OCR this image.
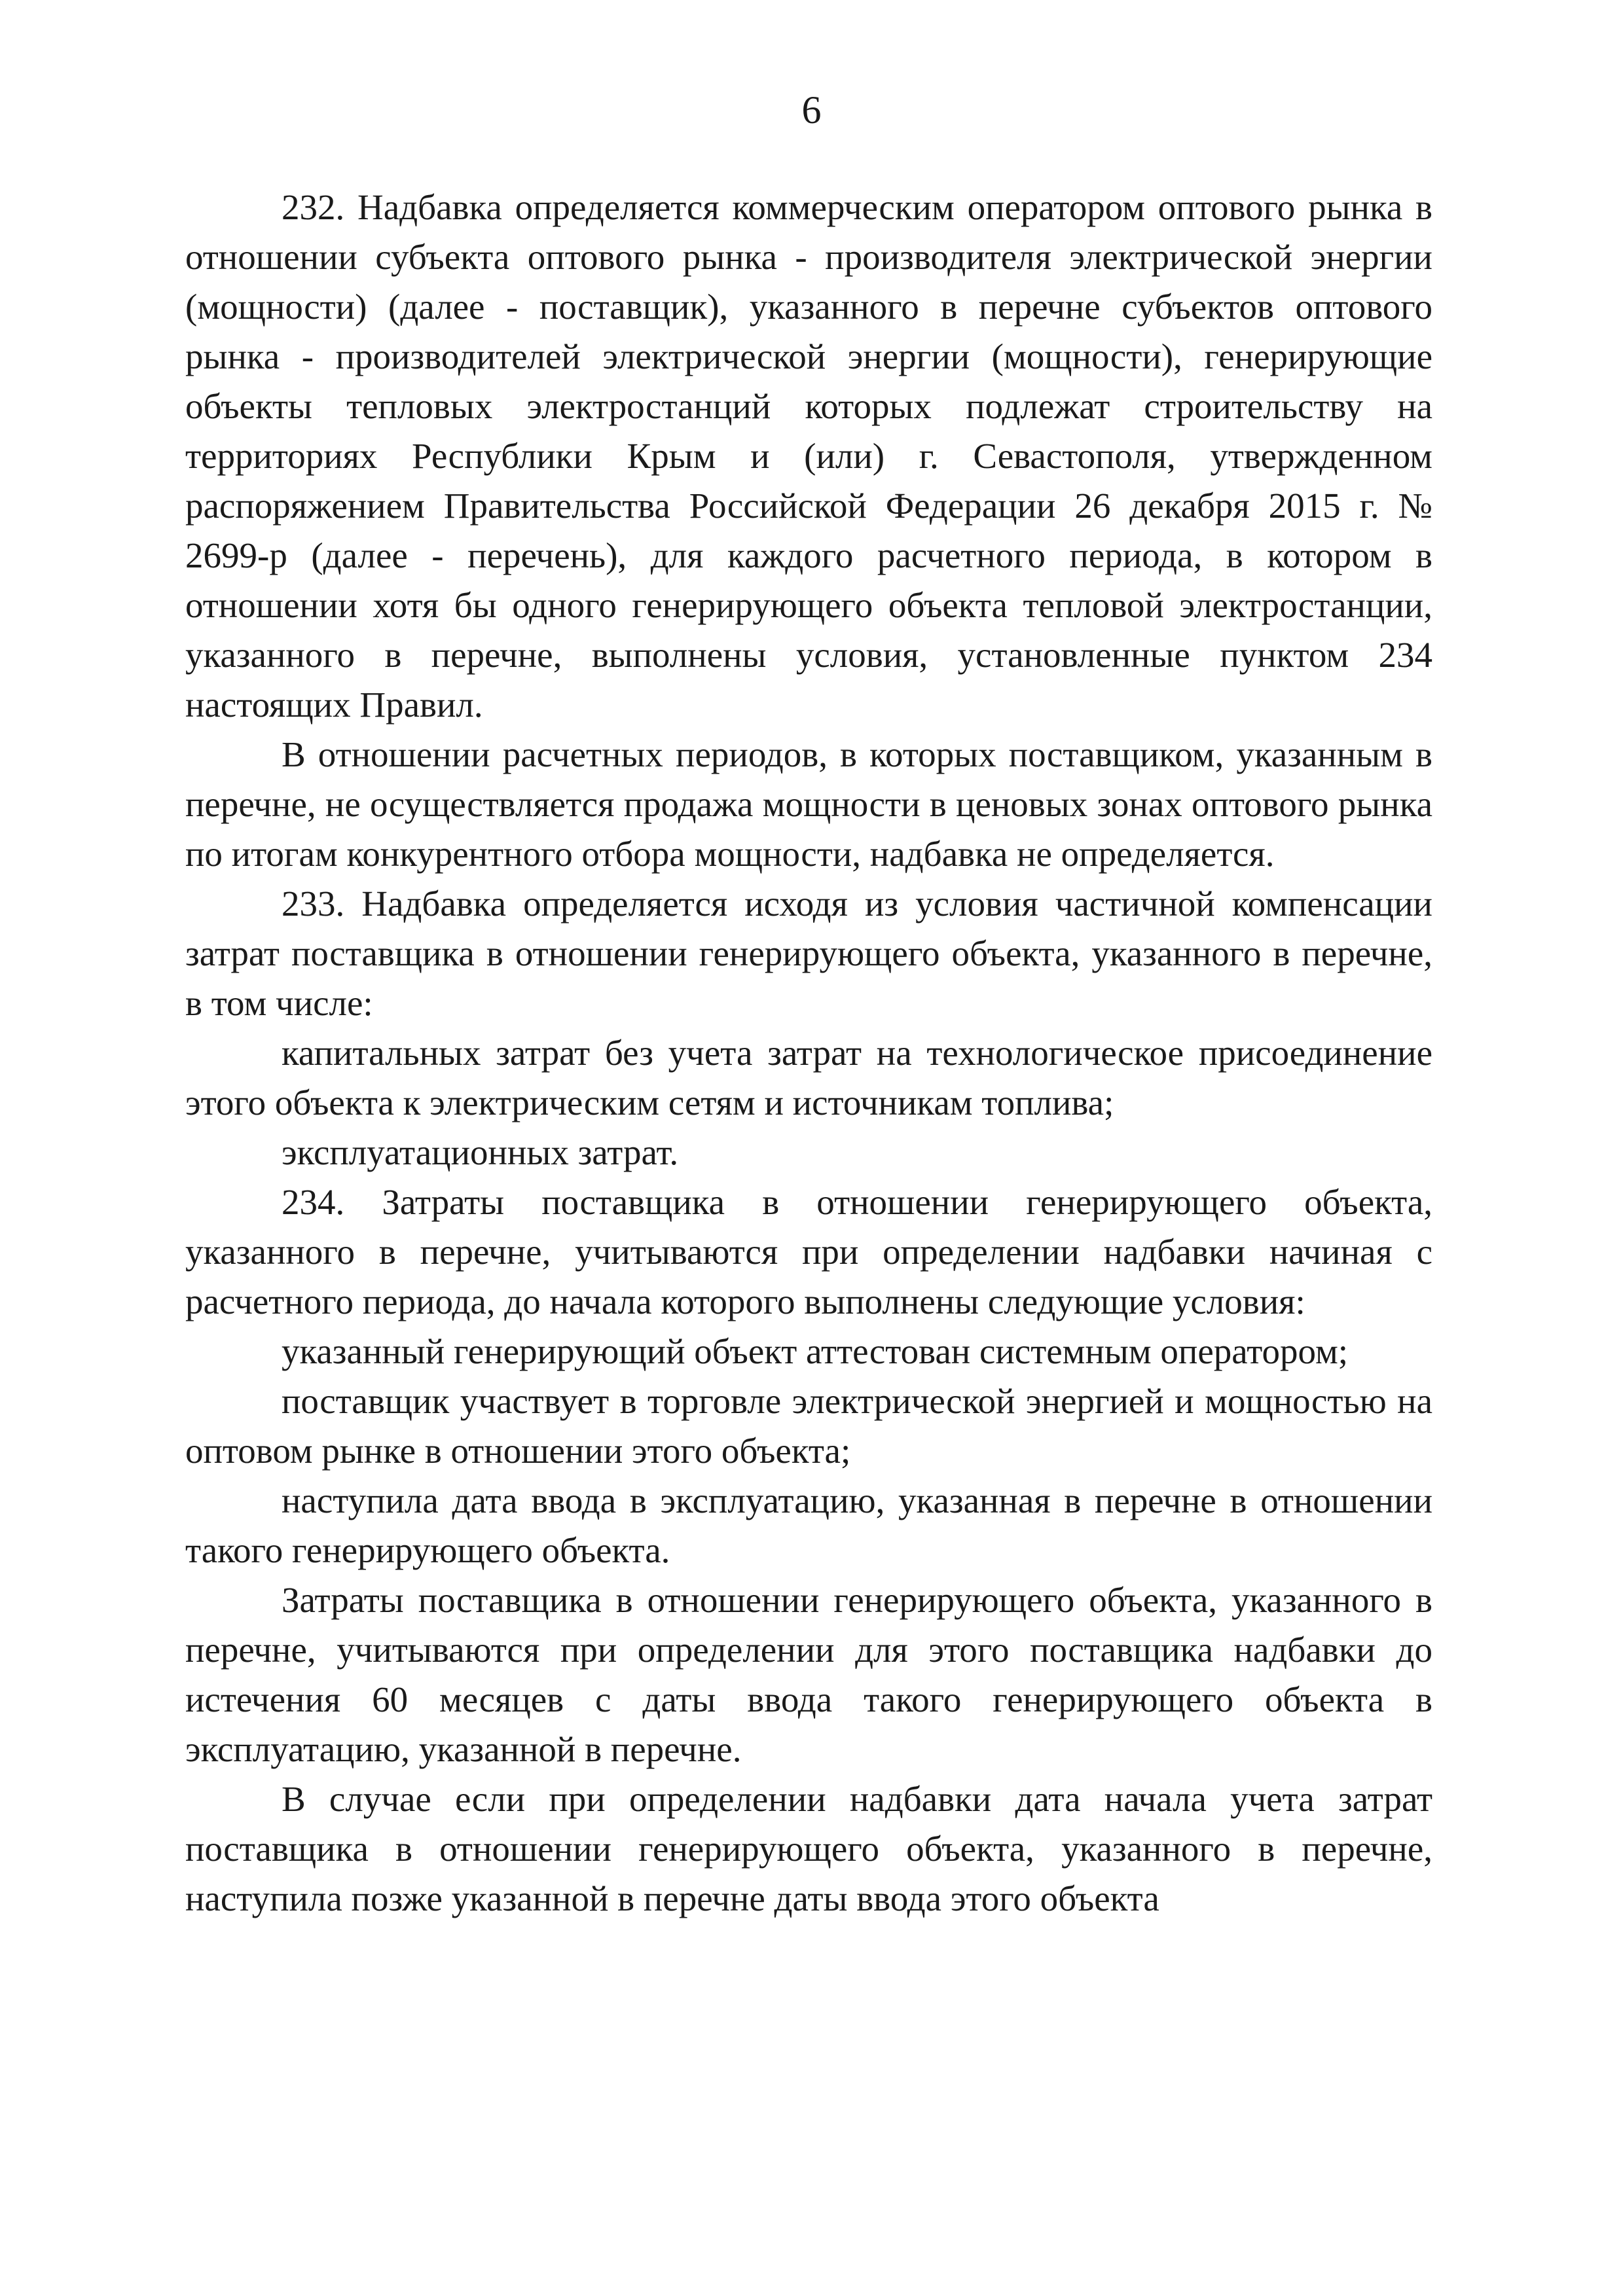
6

232. Надбавка определяется коммерческим оператором оптового рынка в отношении субъекта оптового рынка - производителя электрической энергии (мощности) (далее - поставщик), указанного в перечне субъектов оптового рынка - производителей электрической энергии (мощности), генерирующие объекты тепловых электростанций которых подлежат строительству на территориях Республики Крым и (или) г. Севастополя, утвержденном распоряжением Правительства Российской Федерации 26 декабря 2015 г. № 2699-р (далее - перечень), для каждого расчетного периода, в котором в отношении хотя бы одного генерирующего объекта тепловой электростанции, указанного в перечне, выполнены условия, установленные пунктом 234 настоящих Правил.

В отношении расчетных периодов, в которых поставщиком, указанным в перечне, не осуществляется продажа мощности в ценовых зонах оптового рынка по итогам конкурентного отбора мощности, надбавка не определяется.

233. Надбавка определяется исходя из условия частичной компенсации затрат поставщика в отношении генерирующего объекта, указанного в перечне, в том числе:

капитальных затрат без учета затрат на технологическое присоединение этого объекта к электрическим сетям и источникам топлива;

эксплуатационных затрат.

234. Затраты поставщика в отношении генерирующего объекта, указанного в перечне, учитываются при определении надбавки начиная с расчетного периода, до начала которого выполнены следующие условия:

указанный генерирующий объект аттестован системным оператором;

поставщик участвует в торговле электрической энергией и мощностью на оптовом рынке в отношении этого объекта;

наступила дата ввода в эксплуатацию, указанная в перечне в отношении такого генерирующего объекта.

Затраты поставщика в отношении генерирующего объекта, указанного в перечне, учитываются при определении для этого поставщика надбавки до истечения 60 месяцев с даты ввода такого генерирующего объекта в эксплуатацию, указанной в перечне.

В случае если при определении надбавки дата начала учета затрат поставщика в отношении генерирующего объекта, указанного в перечне, наступила позже указанной в перечне даты ввода этого объекта
